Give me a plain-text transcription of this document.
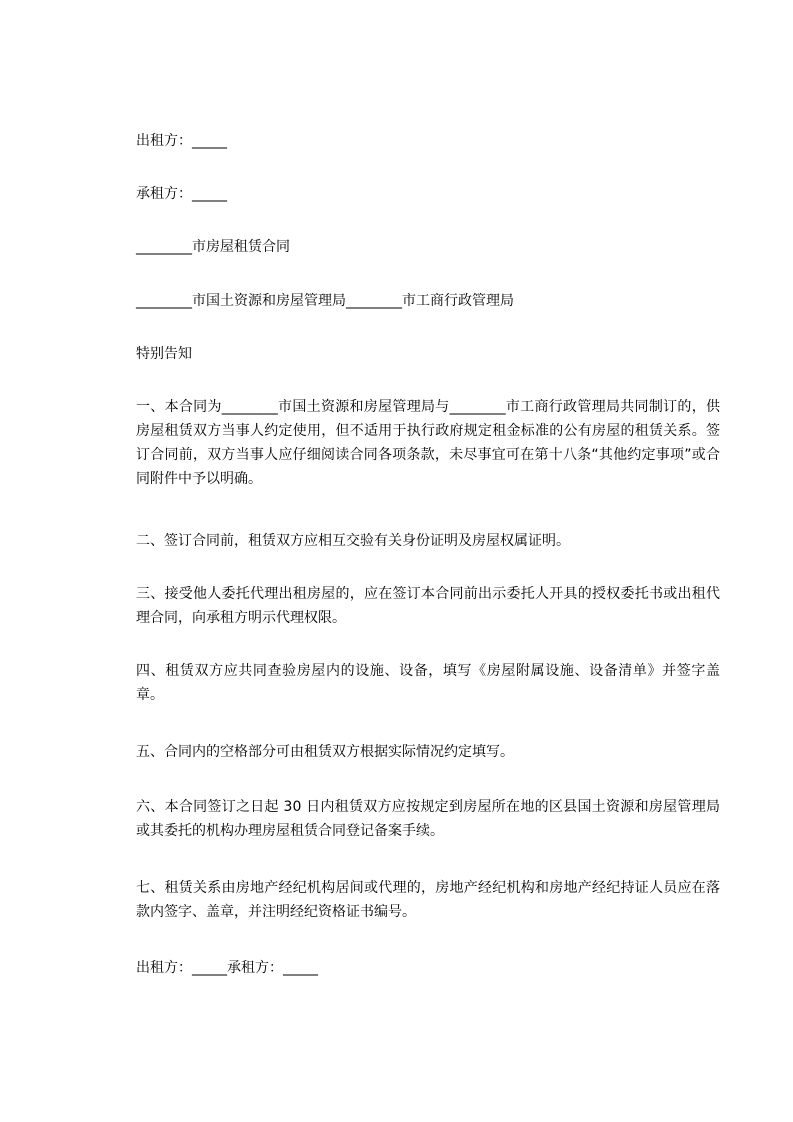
出租方：_____

承租方：_____

________市房屋租赁合同

________市国土资源和房屋管理局________市工商行政管理局

特别告知

一、本合同为________市国土资源和房屋管理局与________市工商行政管理局共同制订的，供房屋租赁双方当事人约定使用，但不适用于执行政府规定租金标准的公有房屋的租赁关系。签订合同前，双方当事人应仔细阅读合同各项条款，未尽事宜可在第十八条“其他约定事项”或合同附件中予以明确。

二、签订合同前，租赁双方应相互交验有关身份证明及房屋权属证明。

三、接受他人委托代理出租房屋的，应在签订本合同前出示委托人开具的授权委托书或出租代理合同，向承租方明示代理权限。

四、租赁双方应共同查验房屋内的设施、设备，填写《房屋附属设施、设备清单》并签字盖章。

五、合同内的空格部分可由租赁双方根据实际情况约定填写。

六、本合同签订之日起 30 日内租赁双方应按规定到房屋所在地的区县国土资源和房屋管理局或其委托的机构办理房屋租赁合同登记备案手续。

七、租赁关系由房地产经纪机构居间或代理的，房地产经纪机构和房地产经纪持证人员应在落款内签字、盖章，并注明经纪资格证书编号。

出租方：_____承租方：_____
